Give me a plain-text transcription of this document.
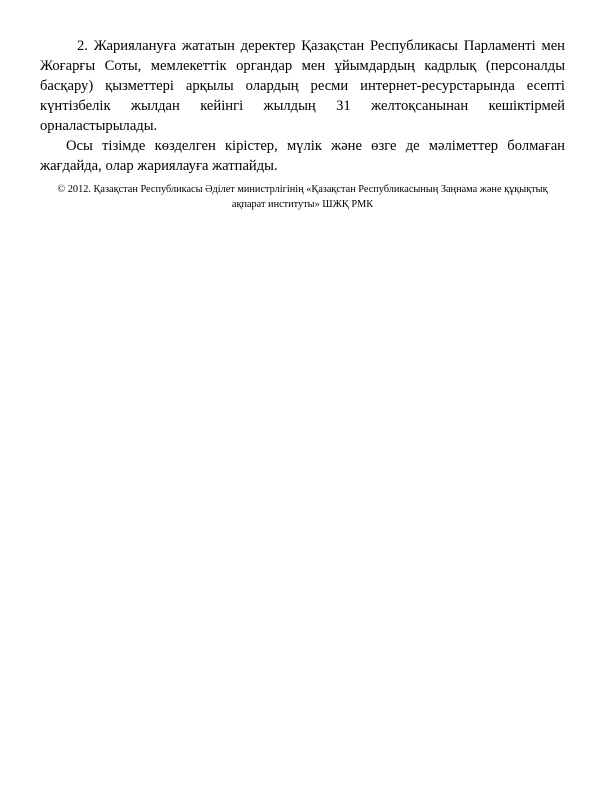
2. Жариялануға жататын деректер Қазақстан Республикасы Парламенті мен Жоғарғы Соты, мемлекеттік органдар мен ұйымдардың кадрлық (персоналды басқару) қызметтері арқылы олардың ресми интернет-ресурстарында есепті күнтізбелік жылдан кейінгі жылдың 31 желтоқсанынан кешіктірмей орналастырылады.

Осы тізімде көзделген кірістер, мүлік және өзге де мәліметтер болмаған жағдайда, олар жариялауға жатпайды.

© 2012. Қазақстан Республикасы Әділет министрлігінің «Қазақстан Республикасының Заңнама және құқықтық ақпарат институты» ШЖҚ РМК
